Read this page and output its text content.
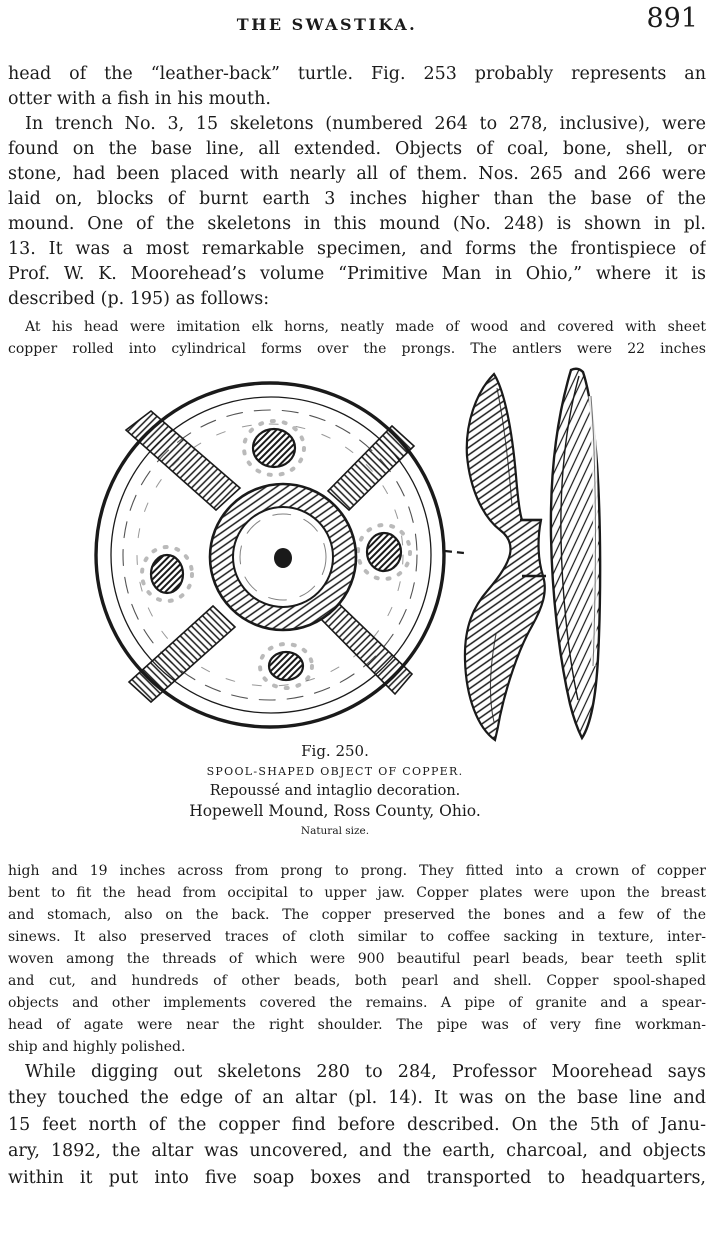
THE SWASTIKA.	891
head of the “leather-back” turtle. Fig. 253 probably represents an
otter with a fish in his mouth.
In trench No. 3, 15 skeletons (numbered 264 to 278, inclusive), were
found on the base line, all extended. Objects of coal, bone, shell, or
stone, had been placed with nearly all of them. Nos. 265 and 266 were
laid on, blocks of burnt earth 3 inches higher than the base of the
mound. One of the skeletons in this mound (No. 248) is shown in pl.
13. It was a most remarkable specimen, and forms the frontispiece of
Prof. W. K. Moorehead’s volume “Primitive Man in Ohio,” where it is
described (p. 195) as follows:
At his head were imitation elk horns, neatly made of wood and covered with sheet
copper rolled into cylindrical forms over the prongs. The antlers were 22 inches
Fig. 250.
SPOOL-SHAPED OBJECT OF COPPER.
Repoussé and intaglio decoration.
Hopewell Mound, Ross County, Ohio.
Natural size.
high and 19 inches across from prong to prong. They fitted into a crown of copper
bent to fit the head from occipital to upper jaw. Copper plates were upon the breast
and stomach, also on the back. The copper preserved the bones and a few of the
sinews. It also preserved traces of cloth similar to coffee sacking in texture, inter-
woven among the threads of which were 900 beautiful pearl beads, bear teeth split
and cut, and hundreds of other beads, both pearl and shell. Copper spool-shaped
objects and other implements covered the remains. A pipe of granite and a spear-
head of agate were near the right shoulder. The pipe was of very fine workman-
ship and highly polished.
While digging out skeletons 280 to 284, Professor Moorehead says
they touched the edge of an altar (pl. 14). It was on the base line and
15 feet north of the copper find before described. On the 5th of Janu-
ary, 1892, the altar was uncovered, and the earth, charcoal, and objects
within it put into five soap boxes and transported to headquarters,
